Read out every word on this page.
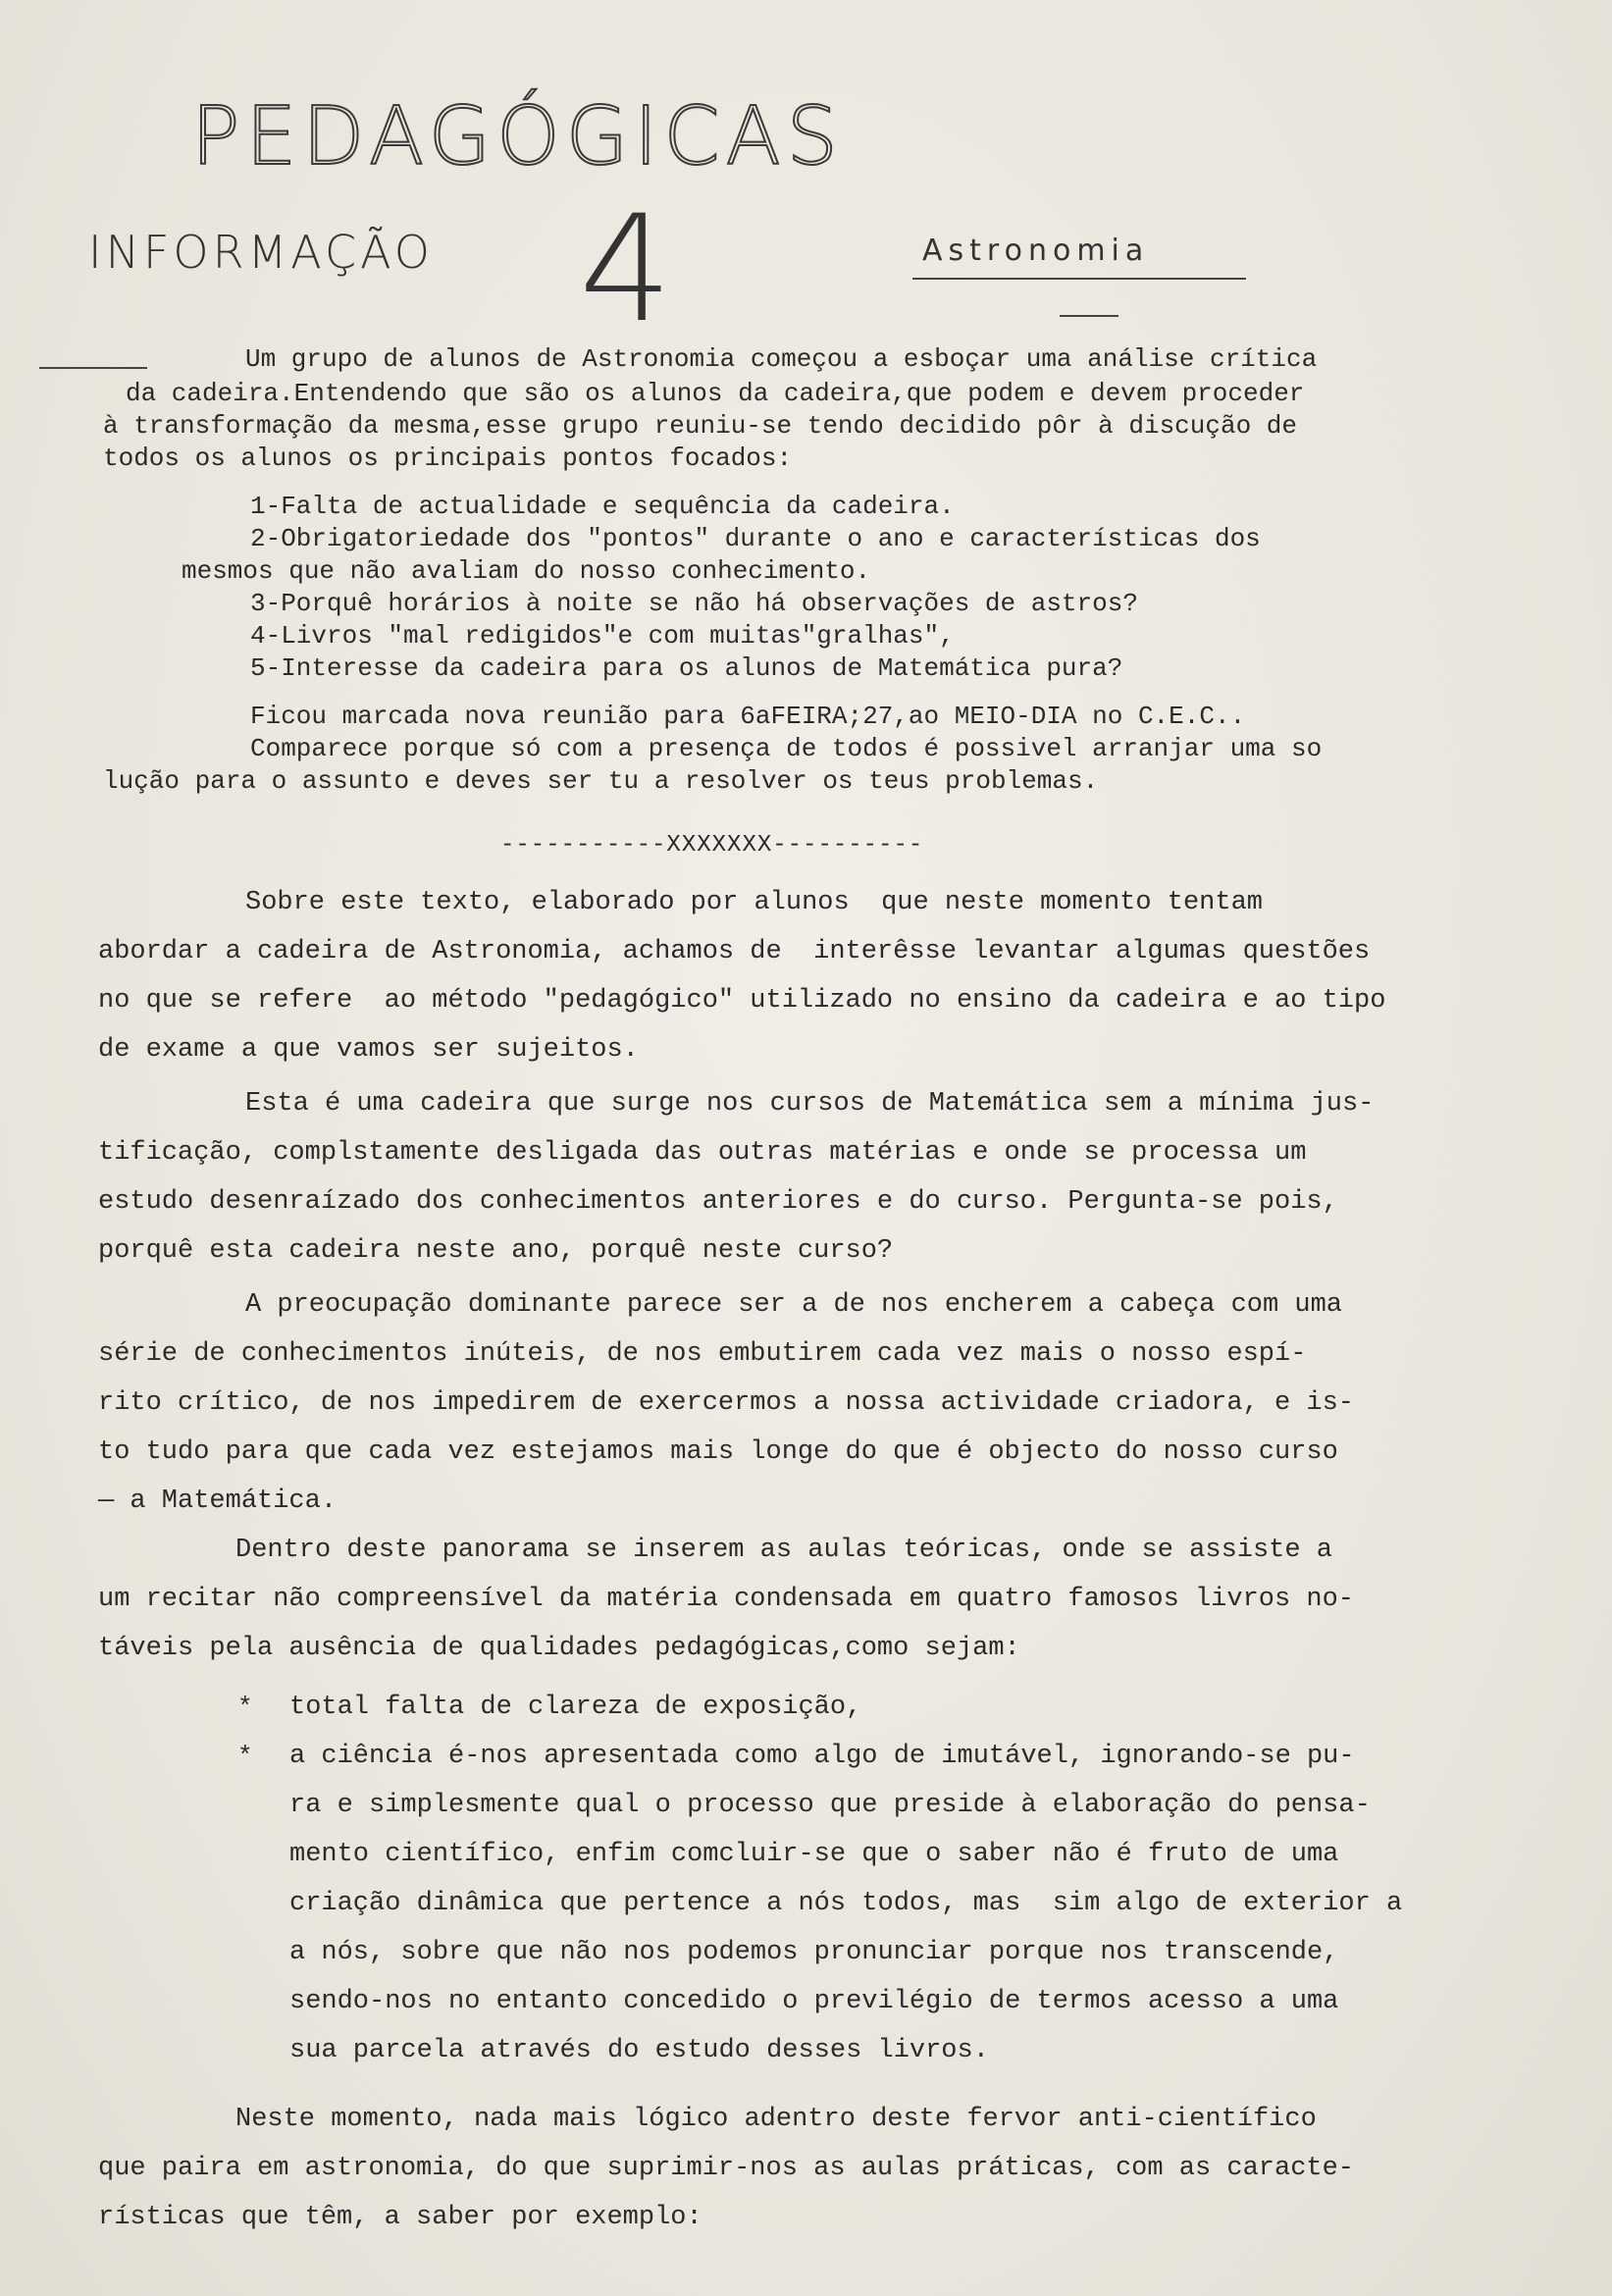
PEDAGÓGICAS
INFORMAÇÃO 4	Astronomia
Um grupo de alunos de Astronomia começou a esboçar uma análise crítica
da cadeira.Entendendo que são os alunos da cadeira,que podem e devem proceder
à transformação da mesma,esse grupo reuniu-se tendo decidido pôr à discução de
todos os alunos os principais pontos focados:
1-Falta de actualidade e sequência da cadeira.
2-Obrigatoriedade dos "pontos" durante o ano e características dos
mesmos que não avaliam do nosso conhecimento.
3-Porquê horários à noite se não há observações de astros?
4-Livros "mal redigidos"e com muitas"gralhas",
5-Interesse da cadeira para os alunos de Matemática pura?
Ficou marcada nova reunião para 6aFEIRA;27,ao MEIO-DIA no C.E.C..
Comparece porque só com a presença de todos é possivel arranjar uma so
lução para o assunto e deves ser tu a resolver os teus problemas.
-----------XXXXXXX----------
Sobre este texto, elaborado por alunos  que neste momento tentam
abordar a cadeira de Astronomia, achamos de  interêsse levantar algumas questões
no que se refere  ao método "pedagógico" utilizado no ensino da cadeira e ao tipo
de exame a que vamos ser sujeitos.
Esta é uma cadeira que surge nos cursos de Matemática sem a mínima jus-
tificação, complstamente desligada das outras matérias e onde se processa um
estudo desenraízado dos conhecimentos anteriores e do curso. Pergunta-se pois,
porquê esta cadeira neste ano, porquê neste curso?
A preocupação dominante parece ser a de nos encherem a cabeça com uma
série de conhecimentos inúteis, de nos embutirem cada vez mais o nosso espí-
rito crítico, de nos impedirem de exercermos a nossa actividade criadora, e is-
to tudo para que cada vez estejamos mais longe do que é objecto do nosso curso
— a Matemática.
Dentro deste panorama se inserem as aulas teóricas, onde se assiste a
um recitar não compreensível da matéria condensada em quatro famosos livros no-
táveis pela ausência de qualidades pedagógicas,como sejam:
* total falta de clareza de exposição,
* a ciência é-nos apresentada como algo de imutável, ignorando-se pu-
ra e simplesmente qual o processo que preside à elaboração do pensa-
mento científico, enfim comcluir-se que o saber não é fruto de uma
criação dinâmica que pertence a nós todos, mas  sim algo de exterior a
a nós, sobre que não nos podemos pronunciar porque nos transcende,
sendo-nos no entanto concedido o previlégio de termos acesso a uma
sua parcela através do estudo desses livros.
Neste momento, nada mais lógico adentro deste fervor anti-científico
que paira em astronomia, do que suprimir-nos as aulas práticas, com as caracte-
rísticas que têm, a saber por exemplo:
